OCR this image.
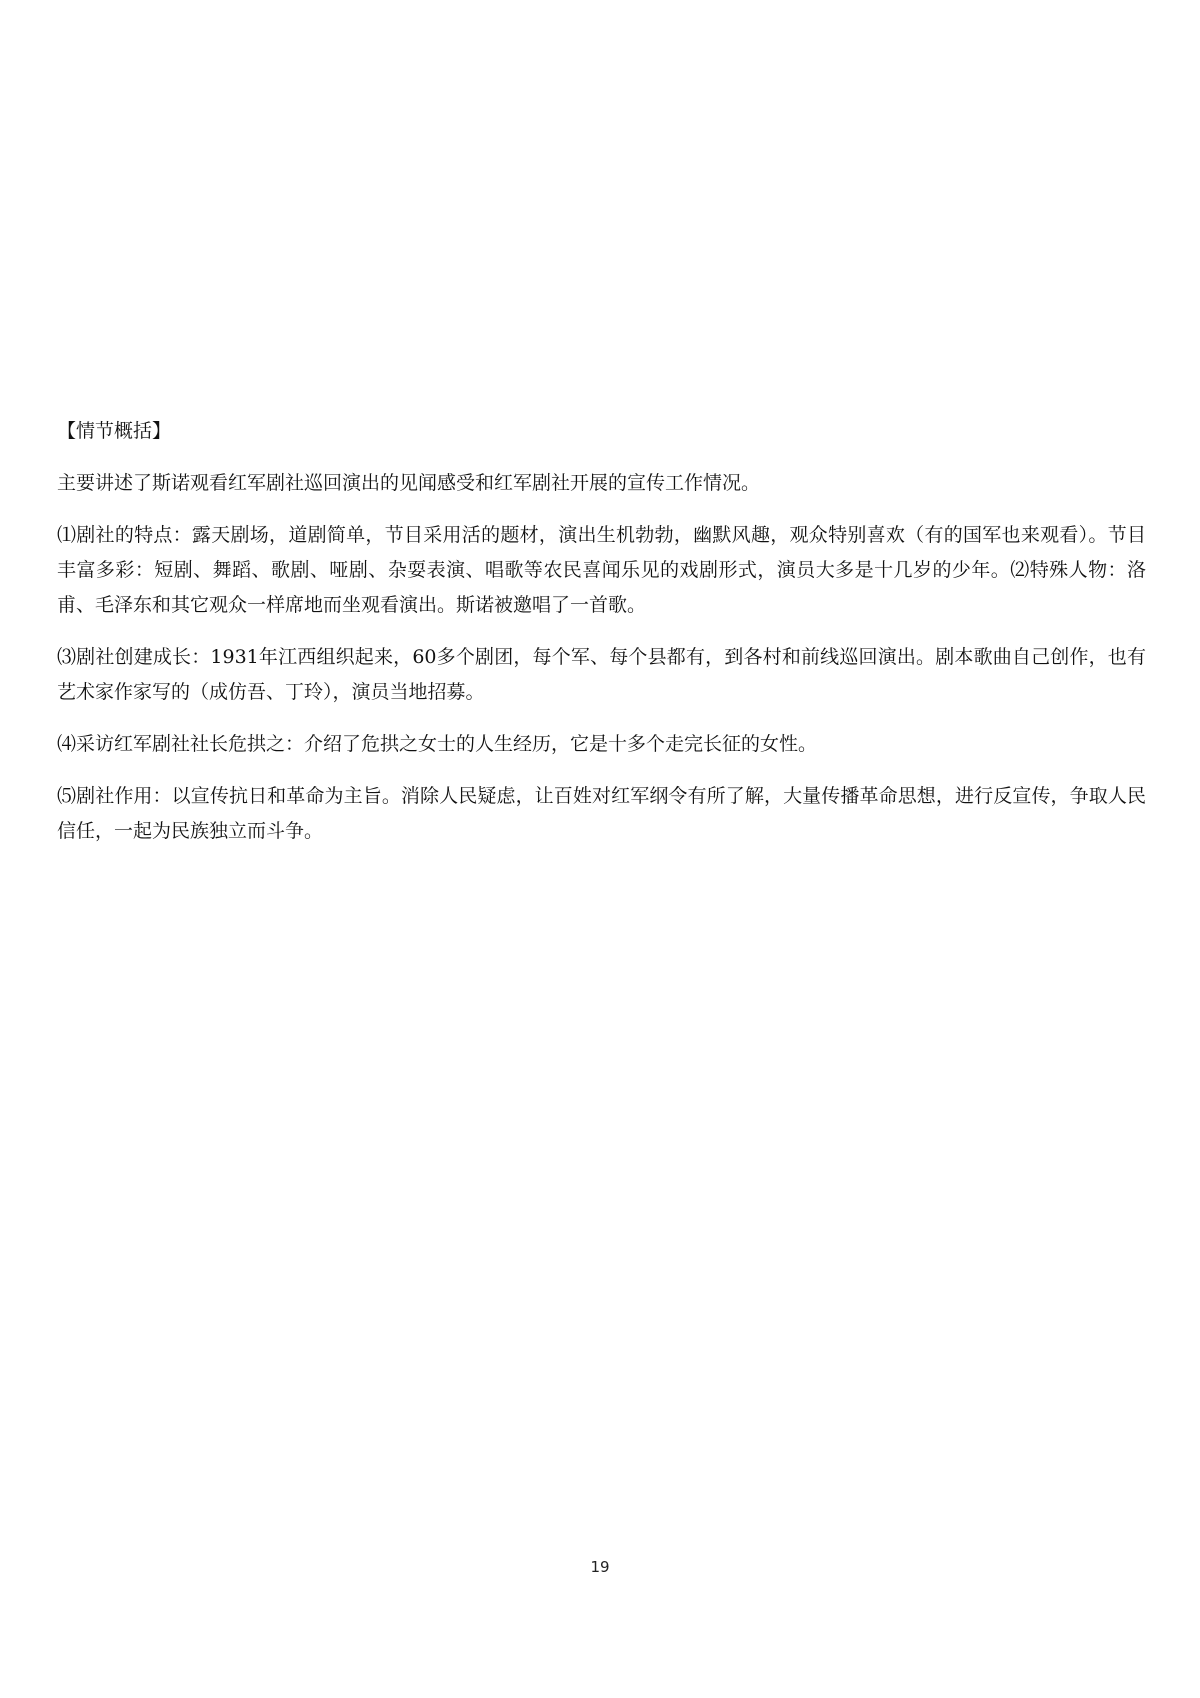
【情节概括】

主要讲述了斯诺观看红军剧社巡回演出的见闻感受和红军剧社开展的宣传工作情况。

⑴剧社的特点：露天剧场，道剧简单，节目采用活的题材，演出生机勃勃，幽默风趣，观众特别喜欢（有的国军也来观看）。节目丰富多彩：短剧、舞蹈、歌剧、哑剧、杂耍表演、唱歌等农民喜闻乐见的戏剧形式，演员大多是十几岁的少年。⑵特殊人物：洛甫、毛泽东和其它观众一样席地而坐观看演出。斯诺被邀唱了一首歌。

⑶剧社创建成长：1931年江西组织起来，60多个剧团，每个军、每个县都有，到各村和前线巡回演出。剧本歌曲自己创作，也有艺术家作家写的（成仿吾、丁玲），演员当地招募。

⑷采访红军剧社社长危拱之：介绍了危拱之女士的人生经历，它是十多个走完长征的女性。

⑸剧社作用：以宣传抗日和革命为主旨。消除人民疑虑，让百姓对红军纲令有所了解，大量传播革命思想，进行反宣传，争取人民信任，一起为民族独立而斗争。

19
